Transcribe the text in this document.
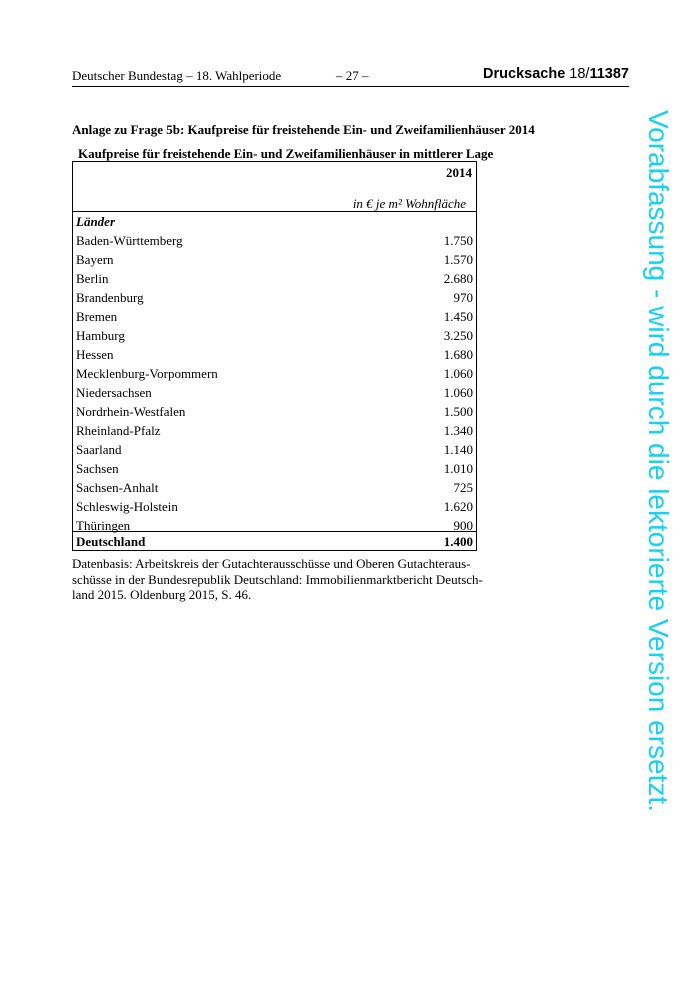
Deutscher Bundestag – 18. Wahlperiode	– 27 –	Drucksache 18/11387
Anlage zu Frage 5b: Kaufpreise für freistehende Ein- und Zweifamilienhäuser 2014
Kaufpreise für freistehende Ein- und Zweifamilienhäuser in mittlerer Lage
2014
in € je m² Wohnfläche
Länder
Baden-Württemberg	1.750
Bayern	1.570
Berlin	2.680
Brandenburg	970
Bremen	1.450
Hamburg	3.250
Hessen	1.680
Mecklenburg-Vorpommern	1.060
Niedersachsen	1.060
Nordrhein-Westfalen	1.500
Rheinland-Pfalz	1.340
Saarland	1.140
Sachsen	1.010
Sachsen-Anhalt	725
Schleswig-Holstein	1.620
Thüringen	900
Deutschland	1.400
Datenbasis: Arbeitskreis der Gutachterausschüsse und Oberen Gutachteraus-
schüsse in der Bundesrepublik Deutschland: Immobilienmarktbericht Deutsch-
land 2015. Oldenburg 2015, S. 46.	Vorabfassung - wird durch die lektorierte Version ersetzt.
